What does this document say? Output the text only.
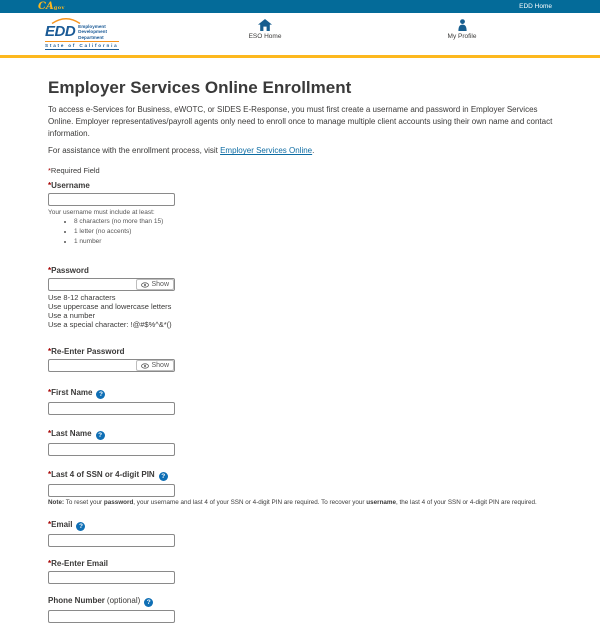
CAgov	EDD Home
EDD Employment
Development
Department
State of California
ESO Home	My Profile
Employer Services Online Enrollment

To access e-Services for Business, eWOTC, or SIDES E-Response, you must first create a username and password in Employer Services Online. Employer representatives/payroll agents only need to enroll once to manage multiple client accounts using their own name and contact information.

For assistance with the enrollment process, visit Employer Services Online.

*Required Field

*Username
Your username must include at least:
• 8 characters (no more than 15)
• 1 letter (no accents)
• 1 number
*Password
Show
Use 8-12 characters
Use uppercase and lowercase letters
Use a number
Use a special character: !@#$%^&*()
*Re-Enter Password
Show
*First Name ?
*Last Name ?
*Last 4 of SSN or 4-digit PIN ?
Note: To reset your password, your username and last 4 of your SSN or 4-digit PIN are required. To recover your username, the last 4 of your SSN or 4-digit PIN are required.
*Email ?
*Re-Enter Email
Phone Number (optional) ?
